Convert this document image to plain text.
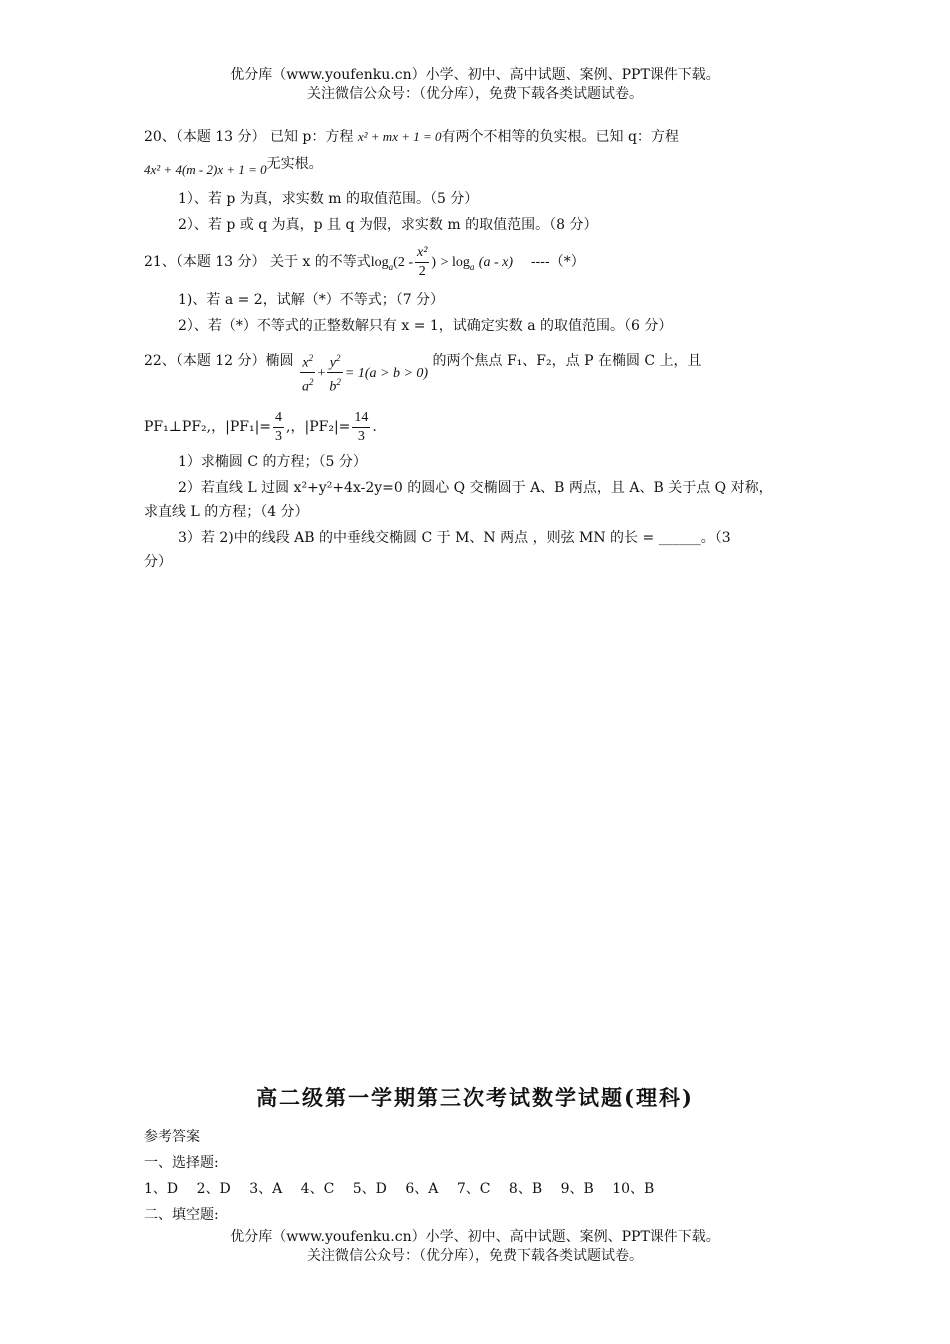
优分库（www.youfenku.cn）小学、初中、高中试题、案例、PPT课件下载。
关注微信公众号：（优分库），免费下载各类试题试卷。

20、（本题 13 分） 已知 p：方程 x² + mx + 1 = 0有两个不相等的负实根。已知 q：方程

4x² + 4(m - 2)x + 1 = 0无实根。

1）、若 p 为真，求实数 m 的取值范围。（5 分）

2）、若 p 或 q 为真，p 且 q 为假，求实数 m 的取值范围。（8 分）

21、（本题 13 分） 关于 x 的不等式$\log_a(2 - \frac{\text{x²}}{2}$ ) > $\log_a (a - x)$ ----（*）

1)、若 a = 2，试解（*）不等式；（7 分）

2）、若（*）不等式的正整数解只有 x = 1，试确定实数 a 的取值范围。（6 分）

22、（本题 12 分）椭圆 $\frac{x^2}{a^2} + \frac{y^2}{b^2} = 1(a > b > 0)$ 的两个焦点 F₁、F₂，点 P 在椭圆 C 上，且

PF₁⊥PF₂,，$|PF_1|= \frac{4}{3}$ ,，$|PF_2|= \frac{14}{3}$ .

1）求椭圆 C 的方程；（5 分）

2）若直线 L 过圆 x²+y²+4x-2y=0 的圆心 Q 交椭圆于 A、B 两点，且 A、B 关于点 Q 对称，

求直线 L 的方程；（4 分）

3）若 2)中的线段 AB 的中垂线交椭圆 C 于 M、N 两点 ，则弦 MN 的长 = ______。（3

分）

高二级第一学期第三次考试数学试题(理科)

参考答案

一、选择题:

1、D 2、D 3、A 4、C 5、D 6、A 7、C 8、B 9、B 10、B

二、填空题:

优分库（www.youfenku.cn）小学、初中、高中试题、案例、PPT课件下载。
关注微信公众号：（优分库），免费下载各类试题试卷。
